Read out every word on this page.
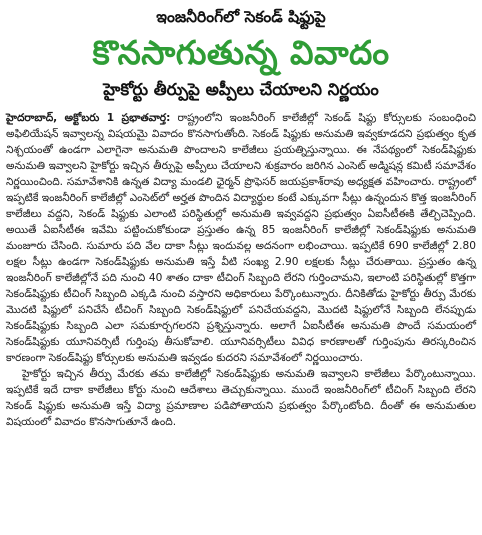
ఇంజనీరింగ్‌లో సెకండ్ షిఫ్టుపై
కొనసాగుతున్న వివాదం
హైకోర్టు తీర్పుపై అప్పీలు చేయాలని నిర్ణయం

హైదరాబాద్, అక్టోబరు 1 ప్రభాతవార్త: రాష్ట్రంలోని ఇంజనీరింగ్ కాలేజీల్లో సెకండ్ షిఫ్టు కోర్సులకు సంబంధించి అఫిలియేషన్ ఇవ్వాలన్న విషయమై వివాదం కొనసాగుతోంది. సెకండ్ షిఫ్టుకు అనుమతి ఇవ్వకూడదని ప్రభుత్వం కృత నిశ్చయంతో ఉండగా ఎలాగైనా అనుమతి పొందాలని కాలేజీలు ప్రయత్నిస్తున్నాయి. ఈ నేపథ్యంలో సెకండ్‌షిఫ్టుకు అనుమతి ఇవ్వాలని హైకోర్టు ఇచ్చిన తీర్పుపై అప్పీలు చేయాలని శుక్రవారం జరిగిన ఎంసెట్ అడ్మిషన్ల కమిటీ సమావేశం నిర్ణయించింది. సమావేశానికి ఉన్నత విద్యా మండలి ఛైర్మన్ ప్రొఫెసర్ జయప్రకాశ్‌రావు అధ్యక్షత వహించారు. రాష్ట్రంలో ఇప్పటికే ఇంజనీరింగ్ కాలేజీల్లో ఎంసెట్‌లో అర్హత పొందిన విద్యార్థుల కంటే ఎక్కువగా సీట్లు ఉన్నందున కొత్త ఇంజనీరింగ్ కాలేజీలు వద్దని, సెకండ్ షిఫ్టుకు ఎలాంటి పరిస్థితుల్లో అనుమతి ఇవ్వవద్దని ప్రభుత్వం ఏఐసీటీఈకి తేల్చిచెప్పింది. అయితే ఏఐసీటీఈ ఇవేమి పట్టించుకోకుండా ప్రస్తుతం ఉన్న 85 ఇంజనీరింగ్ కాలేజీల్లో సెకండ్‌షిఫ్టుకు అనుమతి మంజూరు చేసింది. సుమారు పది వేల దాకా సీట్లు ఇందువల్ల అదనంగా లభించాయి. ఇప్పటికే 690 కాలేజీల్లో 2.80 లక్షల సీట్లు ఉండగా సెకండ్‌షిఫ్టుకు అనుమతి ఇస్తే వీటి సంఖ్య 2.90 లక్షలకు సీట్లు చేరుతాయి. ప్రస్తుతం ఉన్న ఇంజనీరింగ్ కాలేజీల్లోనే పది నుంచి 40 శాతం దాకా టీచింగ్ సిబ్బంది లేరని గుర్తించామని, ఇలాంటి పరిస్థితుల్లో కొత్తగా సెకండ్‌షిఫ్టుకు టీచింగ్ సిబ్బంది ఎక్కడి నుంచి వస్తారని అధికారులు పేర్కొంటున్నారు. దీనికితోడు హైకోర్టు తీర్పు మేరకు మొదటి షిఫ్టులో పనిచేసే టీచింగ్ సిబ్బంది సెకండ్‌షిఫ్టులో పనిచేయవద్దని, మొదటి షిఫ్టులోనే సిబ్బంది లేనప్పుడు సెకండ్‌షిఫ్టుకు సిబ్బంది ఎలా సమకూర్చగలరని ప్రశ్నిస్తున్నారు. అలాగే ఏఐసీటీఈ అనుమతి పొందే సమయంలో సెకండ్‌షిఫ్టుకు యూనివర్సిటీ గుర్తింపు తీసుకోవాలి. యూనివర్సిటీలు వివిధ కారణాలతో గుర్తింపును తిరస్కరించిన కారణంగా సెకండ్‌షిఫ్టు కోర్సులకు అనుమతి ఇవ్వడం కుదరని సమావేశంలో నిర్ణయించారు.

హైకోర్టు ఇచ్చిన తీర్పు మేరకు తమ కాలేజీల్లో సెకండ్‌షిఫ్టుకు అనుమతి ఇవ్వాలని కాలేజీలు పేర్కొంటున్నాయి. ఇప్పటికే ఇదే దాకా కాలేజీలు కోర్టు నుంచి ఆదేశాలు తెచ్చుకున్నాయి. ముందే ఇంజనీరింగ్‌లో టీచింగ్ సిబ్బంది లేరని సెకండ్ షిఫ్టుకు అనుమతి ఇస్తే విద్యా ప్రమాణాల పడిపోతాయని ప్రభుత్వం పేర్కొంటోంది. దీంతో ఈ అనుమతుల విషయంలో వివాదం కొనసాగుతూనే ఉంది.
